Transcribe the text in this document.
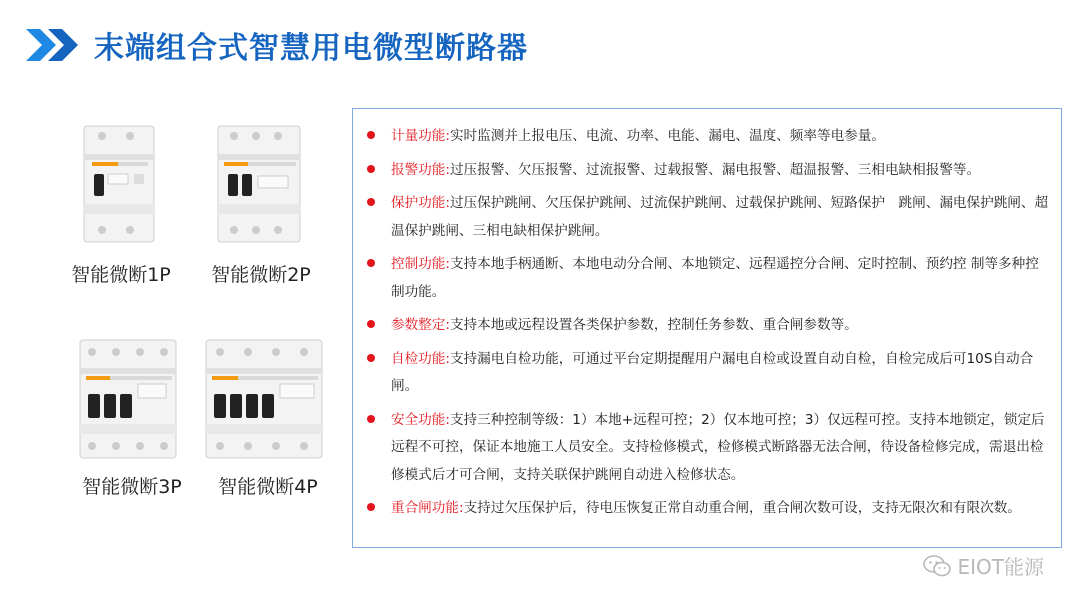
末端组合式智慧用电微型断路器
智能微断1P 智能微断2P
智能微断3P	智能微断4P
计量功能:实时监测并上报电压、电流、功率、电能、漏电、温度、频率等电参量。
报警功能:过压报警、欠压报警、过流报警、过载报警、漏电报警、超温报警、三相电缺相报警等。
保护功能:过压保护跳闸、欠压保护跳闸、过流保护跳闸、过载保护跳闸、短路保护　跳闸、漏电保护跳闸、超温保护跳闸、三相电缺相保护跳闸。
控制功能:支持本地手柄通断、本地电动分合闸、本地锁定、远程遥控分合闸、定时控制、预约控 制等多种控制功能。
参数整定:支持本地或远程设置各类保护参数，控制任务参数、重合闸参数等。
自检功能:支持漏电自检功能，可通过平台定期提醒用户漏电自检或设置自动自检，自检完成后可10S自动合闸。
安全功能:支持三种控制等级：1）本地+远程可控；2）仅本地可控；3）仅远程可控。支持本地锁定，锁定后远程不可控，保证本地施工人员安全。支持检修模式，检修模式断路器无法合闸，待设备检修完成，需退出检修模式后才可合闸，支持关联保护跳闸自动进入检修状态。
重合闸功能:支持过欠压保护后，待电压恢复正常自动重合闸，重合闸次数可设，支持无限次和有限次数。
EIOT能源
